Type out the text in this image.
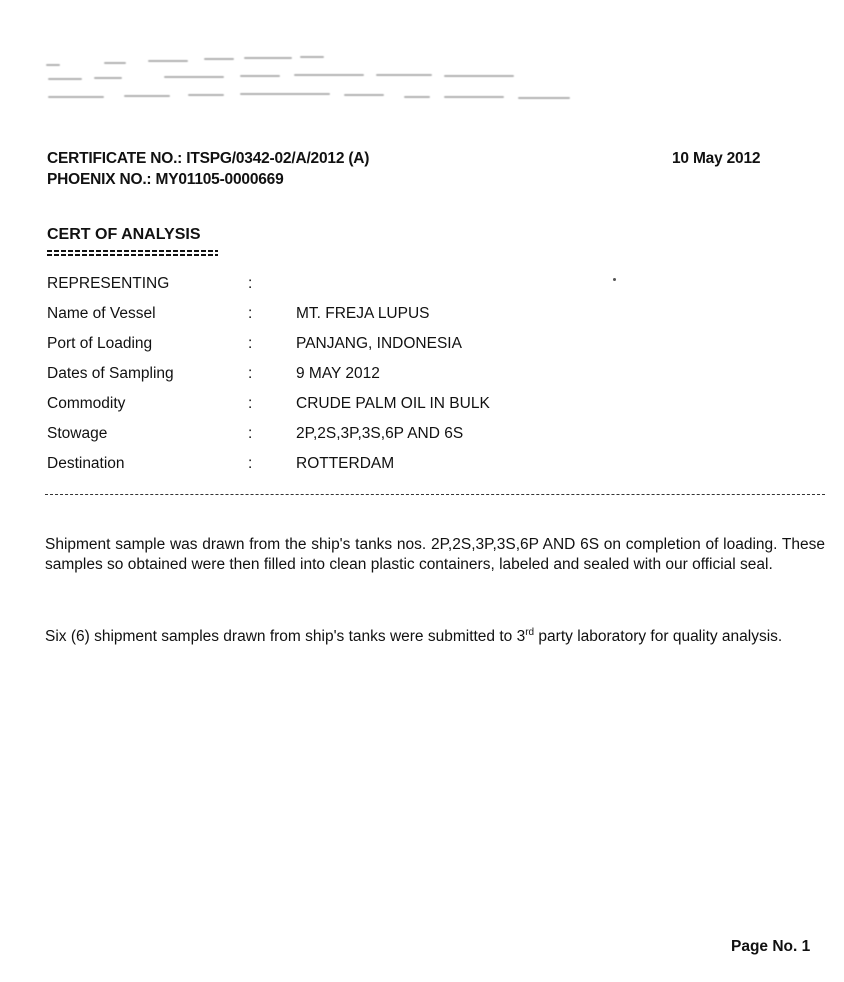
CERTIFICATE NO.: ITSPG/0342-02/A/2012 (A)
PHOENIX NO.: MY01105-0000669
10 May 2012
CERT OF ANALYSIS
REPRESENTING	:
Name of Vessel	:	MT. FREJA LUPUS
Port of Loading	:	PANJANG, INDONESIA
Dates of Sampling	:	9 MAY 2012
Commodity	:	CRUDE PALM OIL IN BULK
Stowage	:	2P,2S,3P,3S,6P AND 6S
Destination	:	ROTTERDAM
Shipment sample was drawn from the ship's tanks nos. 2P,2S,3P,3S,6P AND 6S on completion of loading. These samples so obtained were then filled into clean plastic containers, labeled and sealed with our official seal.
Six (6) shipment samples drawn from ship's tanks were submitted to 3rd party laboratory for quality analysis.
Page No. 1
